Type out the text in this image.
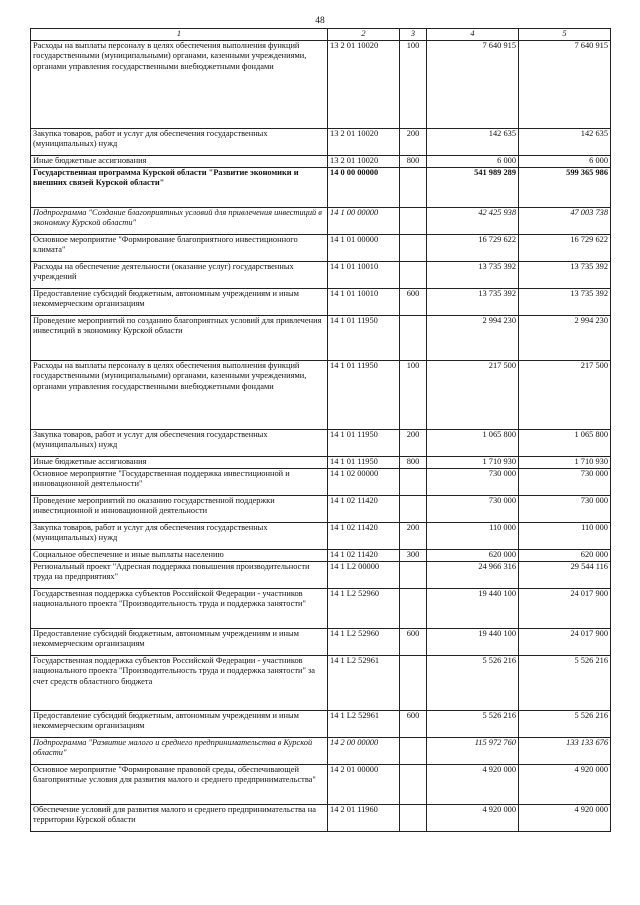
48
1	2	3	4	5
Расходы на выплаты персоналу в целях обеспечения выполнения функций государственными (муниципальными) органами, казенными учреждениями, органами управления государственными внебюджетными фондами	13 2 01 10020	100	7 640 915	7 640 915
Закупка товаров, работ и услуг для обеспечения государственных (муниципальных) нужд	13 2 01 10020	200	142 635	142 635
Иные бюджетные ассигнования	13 2 01 10020	800	6 000	6 000
Государственная программа Курской области "Развитие экономики и внешних связей Курской области"	14 0 00 00000		541 989 289	599 365 986
Подпрограмма "Создание благоприятных условий для привлечения инвестиций в экономику Курской области"	14 1 00 00000		42 425 938	47 003 738
Основное мероприятие "Формирование благоприятного инвестиционного климата"	14 1 01 00000		16 729 622	16 729 622
Расходы на обеспечение деятельности (оказание услуг) государственных учреждений	14 1 01 10010		13 735 392	13 735 392
Предоставление субсидий бюджетным, автономным учреждениям и иным некоммерческим организациям	14 1 01 10010	600	13 735 392	13 735 392
Проведение мероприятий по созданию благоприятных условий для привлечения инвестиций в экономику Курской области	14 1 01 11950		2 994 230	2 994 230
Расходы на выплаты персоналу в целях обеспечения выполнения функций государственными (муниципальными) органами, казенными учреждениями, органами управления государственными внебюджетными фондами	14 1 01 11950	100	217 500	217 500
Закупка товаров, работ и услуг для обеспечения государственных (муниципальных) нужд	14 1 01 11950	200	1 065 800	1 065 800
Иные бюджетные ассигнования	14 1 01 11950	800	1 710 930	1 710 930
Основное мероприятие "Государственная поддержка инвестиционной и инновационной деятельности"	14 1 02 00000		730 000	730 000
Проведение мероприятий по оказанию государственной поддержки инвестиционной и инновационной деятельности	14 1 02 11420		730 000	730 000
Закупка товаров, работ и услуг для обеспечения государственных (муниципальных) нужд	14 1 02 11420	200	110 000	110 000
Социальное обеспечение и иные выплаты населению	14 1 02 11420	300	620 000	620 000
Региональный проект "Адресная поддержка повышения производительности труда на предприятиях"	14 1 L2 00000		24 966 316	29 544 116
Государственная поддержка субъектов Российской Федерации - участников национального проекта "Производительность труда и поддержка занятости"	14 1 L2 52960		19 440 100	24 017 900
Предоставление субсидий бюджетным, автономным учреждениям и иным некоммерческим организациям	14 1 L2 52960	600	19 440 100	24 017 900
Государственная поддержка субъектов Российской Федерации - участников национального проекта "Производительность труда и поддержка занятости" за счет средств областного бюджета	14 1 L2 52961		5 526 216	5 526 216
Предоставление субсидий бюджетным, автономным учреждениям и иным некоммерческим организациям	14 1 L2 52961	600	5 526 216	5 526 216
Подпрограмма "Развитие малого и среднего предпринимательства в Курской области"	14 2 00 00000		115 972 760	133 133 676
Основное мероприятие "Формирование правовой среды, обеспечивающей благоприятные условия для развития малого и среднего предпринимательства"	14 2 01 00000		4 920 000	4 920 000
Обеспечение условий для развития малого и среднего предпринимательства на территории Курской области	14 2 01 11960		4 920 000	4 920 000
